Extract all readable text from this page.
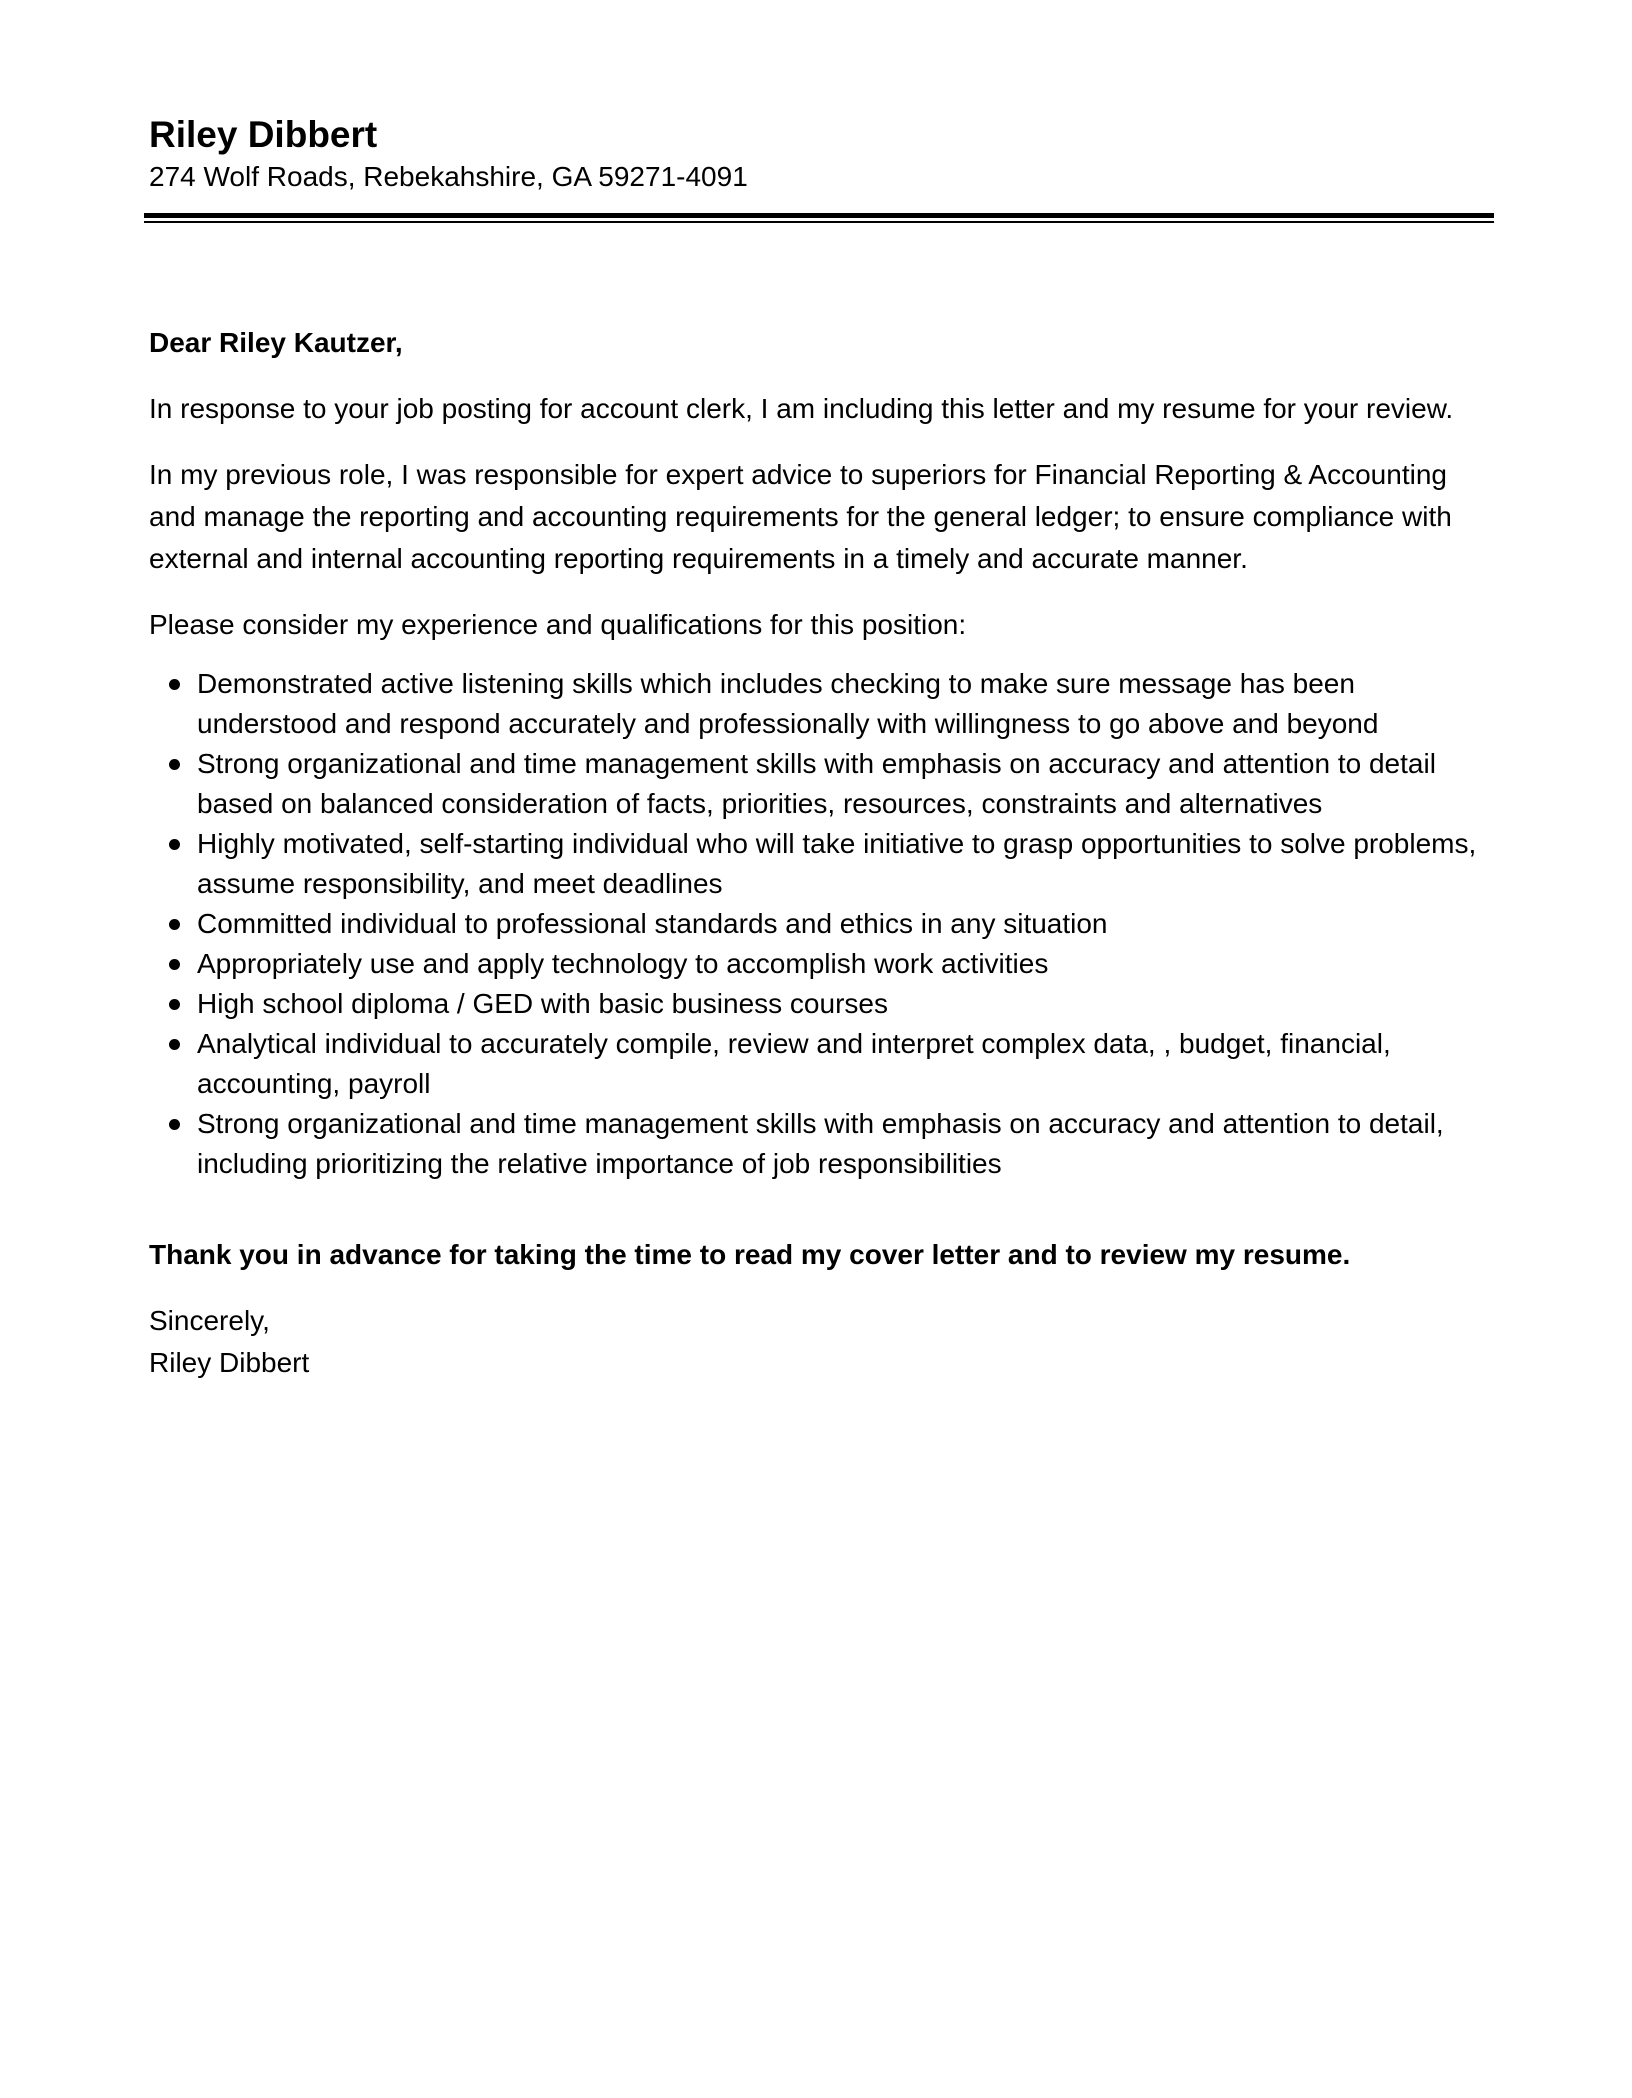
Riley Dibbert

274 Wolf Roads, Rebekahshire, GA 59271-4091

Dear Riley Kautzer,

In response to your job posting for account clerk, I am including this letter and my resume for your review.

In my previous role, I was responsible for expert advice to superiors for Financial Reporting & Accounting and manage the reporting and accounting requirements for the general ledger; to ensure compliance with external and internal accounting reporting requirements in a timely and accurate manner.

Please consider my experience and qualifications for this position:

Demonstrated active listening skills which includes checking to make sure message has been understood and respond accurately and professionally with willingness to go above and beyond
Strong organizational and time management skills with emphasis on accuracy and attention to detail based on balanced consideration of facts, priorities, resources, constraints and alternatives
Highly motivated, self-starting individual who will take initiative to grasp opportunities to solve problems, assume responsibility, and meet deadlines
Committed individual to professional standards and ethics in any situation
Appropriately use and apply technology to accomplish work activities
High school diploma / GED with basic business courses
Analytical individual to accurately compile, review and interpret complex data, , budget, financial, accounting, payroll
Strong organizational and time management skills with emphasis on accuracy and attention to detail, including prioritizing the relative importance of job responsibilities

Thank you in advance for taking the time to read my cover letter and to review my resume.

Sincerely,

Riley Dibbert
